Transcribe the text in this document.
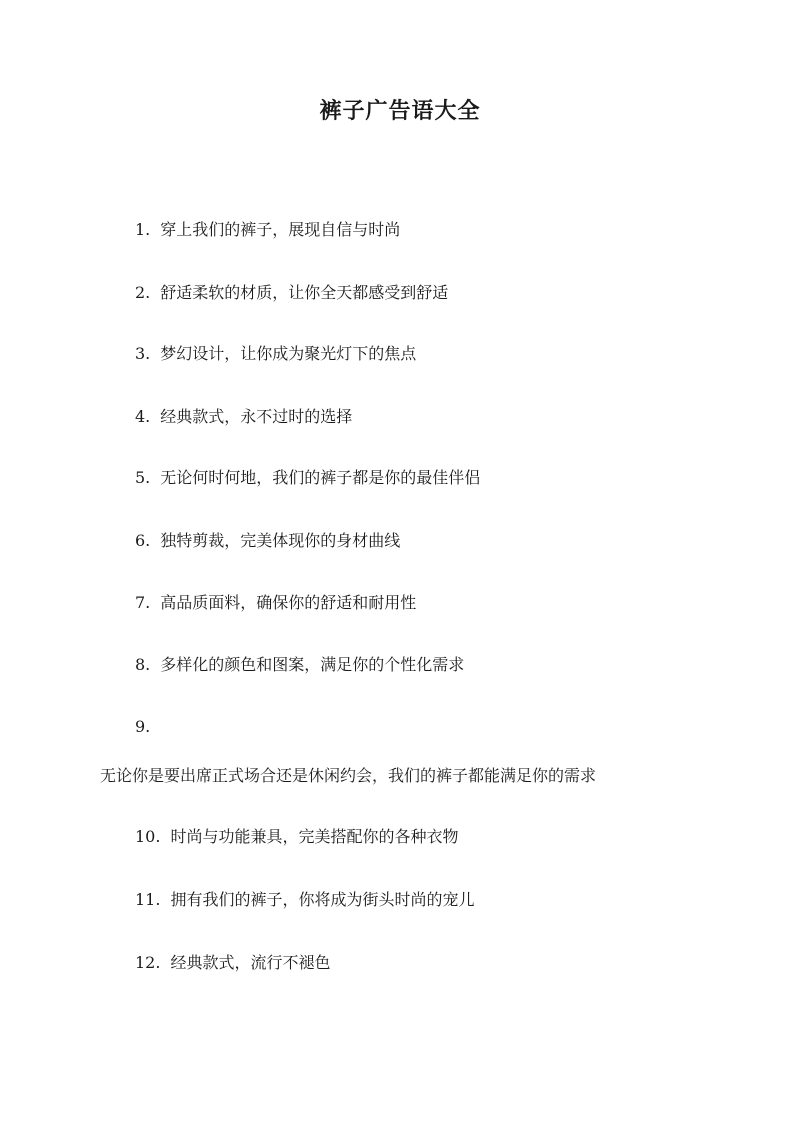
裤子广告语大全
1. 穿上我们的裤子，展现自信与时尚
2. 舒适柔软的材质，让你全天都感受到舒适
3. 梦幻设计，让你成为聚光灯下的焦点
4. 经典款式，永不过时的选择
5. 无论何时何地，我们的裤子都是你的最佳伴侣
6. 独特剪裁，完美体现你的身材曲线
7. 高品质面料，确保你的舒适和耐用性
8. 多样化的颜色和图案，满足你的个性化需求
9.
无论你是要出席正式场合还是休闲约会，我们的裤子都能满足你的需求
10. 时尚与功能兼具，完美搭配你的各种衣物
11. 拥有我们的裤子，你将成为街头时尚的宠儿
12. 经典款式，流行不褪色
